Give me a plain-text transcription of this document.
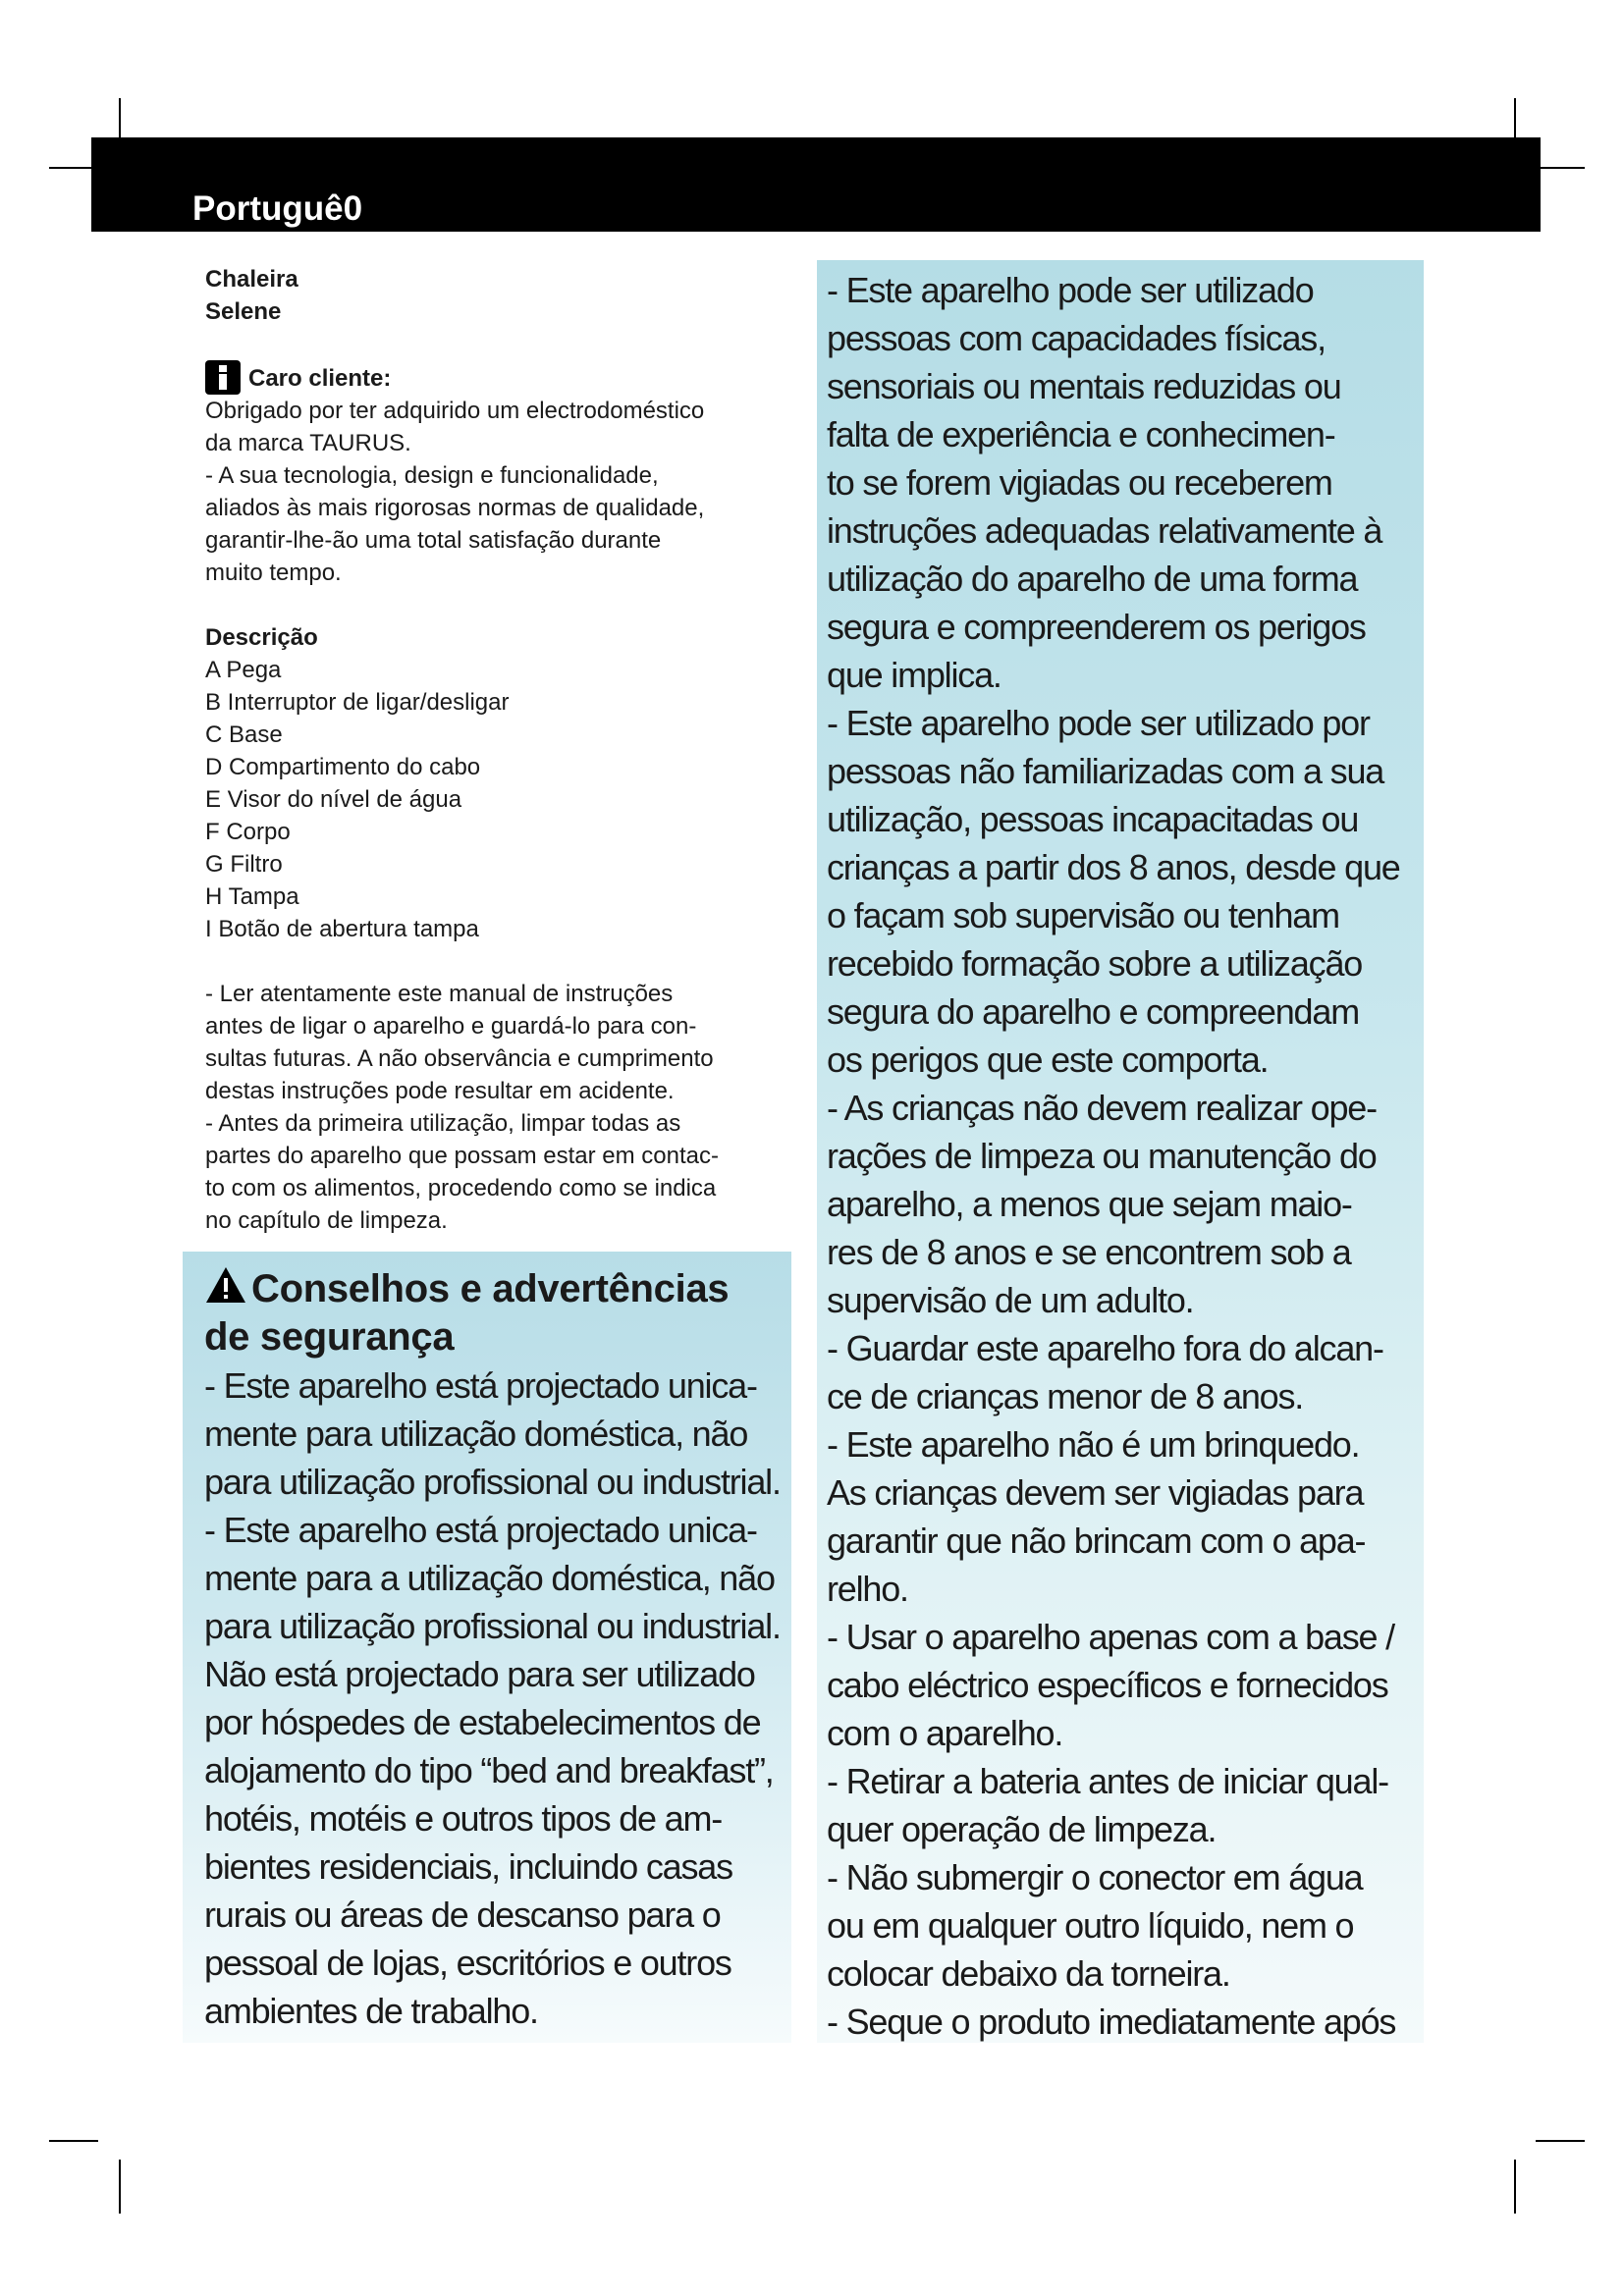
Portuguê0

Chaleira

Selene

Caro cliente:

Obrigado por ter adquirido um electrodoméstico

da marca TAURUS.

- A sua tecnologia, design e funcionalidade,

aliados às mais rigorosas normas de qualidade,

garantir-lhe-ão uma total satisfação durante

muito tempo.

Descrição

A Pega
B Interruptor de ligar/desligar
C Base
D Compartimento do cabo
E Visor do nível de água
F Corpo
G Filtro
H Tampa
I Botão de abertura tampa

- Ler atentamente este manual de instruções

antes de ligar o aparelho e guardá-lo para con-

sultas futuras. A não observância e cumprimento

destas instruções pode resultar em acidente.

- Antes da primeira utilização, limpar todas as

partes do aparelho que possam estar em contac-

to com os alimentos, procedendo como se indica

no capítulo de limpeza.

Conselhos e advertências

de segurança

- Este aparelho está projectado unica-

mente para utilização doméstica, não

para utilização profissional ou industrial.

- Este aparelho está projectado unica-

mente para a utilização doméstica, não

para utilização profissional ou industrial.

Não está projectado para ser utilizado

por hóspedes de estabelecimentos de

alojamento do tipo “bed and breakfast”,

hotéis, motéis e outros tipos de am-

bientes residenciais, incluindo casas

rurais ou áreas de descanso para o

pessoal de lojas, escritórios e outros

ambientes de trabalho.

- Este aparelho pode ser utilizado

pessoas com capacidades físicas,

sensoriais ou mentais reduzidas ou

falta de experiência e conhecimen-

to se forem vigiadas ou receberem

instruções adequadas relativamente à

utilização do aparelho de uma forma

segura e compreenderem os perigos

que implica.

- Este aparelho pode ser utilizado por

pessoas não familiarizadas com a sua

utilização, pessoas incapacitadas ou

crianças a partir dos 8 anos, desde que

o façam sob supervisão ou tenham

recebido formação sobre a utilização

segura do aparelho e compreendam

os perigos que este comporta.

- As crianças não devem realizar ope-

rações de limpeza ou manutenção do

aparelho, a menos que sejam maio-

res de 8 anos e se encontrem sob a

supervisão de um adulto.

- Guardar este aparelho fora do alcan-

ce de crianças menor de 8 anos.

- Este aparelho não é um brinquedo.

As crianças devem ser vigiadas para

garantir que não brincam com o apa-

relho.

- Usar o aparelho apenas com a base /

cabo eléctrico específicos e fornecidos

com o aparelho.

- Retirar a bateria antes de iniciar qual-

quer operação de limpeza.

- Não submergir o conector em água

ou em qualquer outro líquido, nem o

colocar debaixo da torneira.

- Seque o produto imediatamente após
